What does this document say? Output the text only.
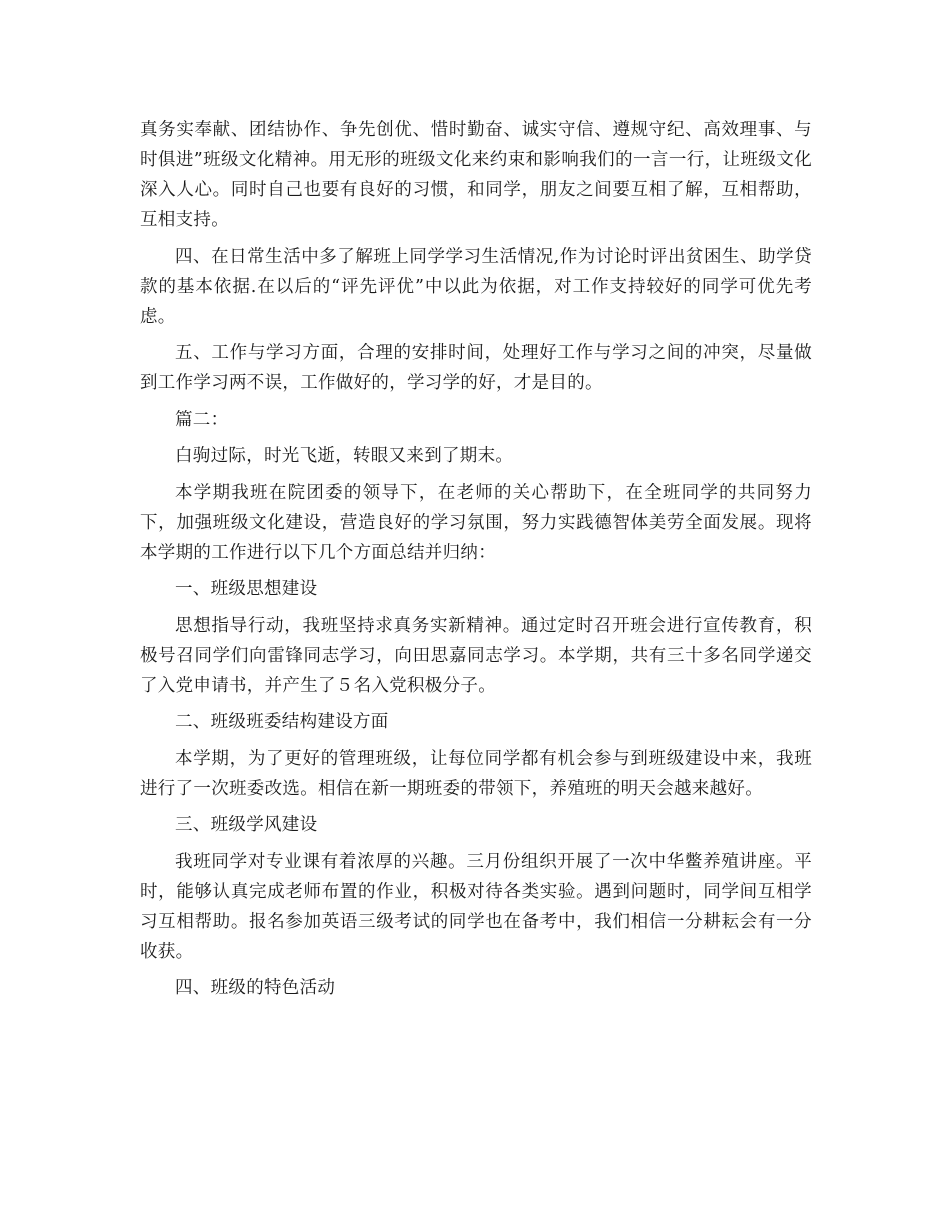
真务实奉献、团结协作、争先创优、惜时勤奋、诚实守信、遵规守纪、高效理事、与时俱进”班级文化精神。用无形的班级文化来约束和影响我们的一言一行，让班级文化深入人心。同时自己也要有良好的习惯，和同学，朋友之间要互相了解，互相帮助，互相支持。

四、在日常生活中多了解班上同学学习生活情况,作为讨论时评出贫困生、助学贷款的基本依据.在以后的“评先评优”中以此为依据，对工作支持较好的同学可优先考虑。

五、工作与学习方面，合理的安排时间，处理好工作与学习之间的冲突，尽量做到工作学习两不误，工作做好的，学习学的好，才是目的。

篇二：

白驹过际，时光飞逝，转眼又来到了期末。

本学期我班在院团委的领导下，在老师的关心帮助下，在全班同学的共同努力下，加强班级文化建设，营造良好的学习氛围，努力实践德智体美劳全面发展。现将本学期的工作进行以下几个方面总结并归纳：

一、班级思想建设

思想指导行动，我班坚持求真务实新精神。通过定时召开班会进行宣传教育，积极号召同学们向雷锋同志学习，向田思嘉同志学习。本学期，共有三十多名同学递交了入党申请书，并产生了５名入党积极分子。

二、班级班委结构建设方面

本学期，为了更好的管理班级，让每位同学都有机会参与到班级建设中来，我班进行了一次班委改选。相信在新一期班委的带领下，养殖班的明天会越来越好。

三、班级学风建设

我班同学对专业课有着浓厚的兴趣。三月份组织开展了一次中华鳖养殖讲座。平时，能够认真完成老师布置的作业，积极对待各类实验。遇到问题时，同学间互相学习互相帮助。报名参加英语三级考试的同学也在备考中，我们相信一分耕耘会有一分收获。

四、班级的特色活动
